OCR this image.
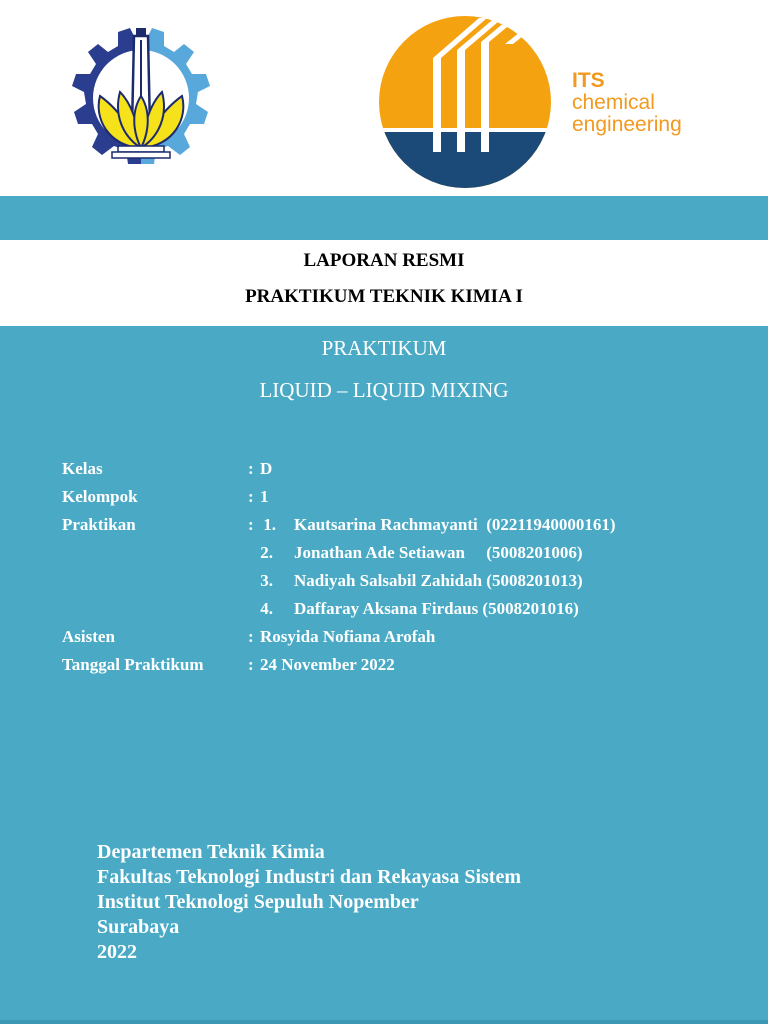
ITS
chemical
engineering
LAPORAN RESMI
PRAKTIKUM TEKNIK KIMIA I
PRAKTIKUM
LIQUID – LIQUID MIXING
Kelas	: D
Kelompok	: 1
Praktikan	: 1. Kautsarina Rachmayanti  (02211940000161)
2. Jonathan Ade Setiawan     (5008201006)
3. Nadiyah Salsabil Zahidah (5008201013)
4. Daffaray Aksana Firdaus (5008201016)
Asisten	: Rosyida Nofiana Arofah
Tanggal Praktikum	: 24 November 2022
Departemen Teknik Kimia
Fakultas Teknologi Industri dan Rekayasa Sistem
Institut Teknologi Sepuluh Nopember
Surabaya
2022
